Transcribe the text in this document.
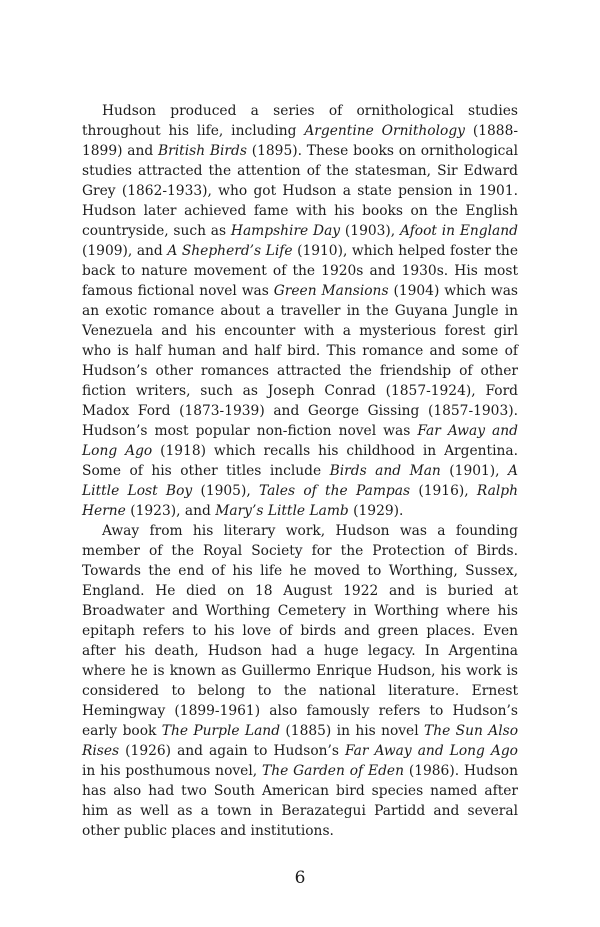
Hudson produced a series of ornithological studies throughout his life, including Argentine Ornithology (1888-1899) and British Birds (1895). These books on ornithological studies attracted the attention of the statesman, Sir Edward Grey (1862-1933), who got Hudson a state pension in 1901. Hudson later achieved fame with his books on the English countryside, such as Hampshire Day (1903), Afoot in England (1909), and A Shepherd’s Life (1910), which helped foster the back to nature movement of the 1920s and 1930s. His most famous fictional novel was Green Mansions (1904) which was an exotic romance about a traveller in the Guyana Jungle in Venezuela and his encounter with a mysterious forest girl who is half human and half bird. This romance and some of Hudson’s other romances attracted the friendship of other fiction writers, such as Joseph Conrad (1857-1924), Ford Madox Ford (1873-1939) and George Gissing (1857-1903). Hudson’s most popular non-fiction novel was Far Away and Long Ago (1918) which recalls his childhood in Argentina. Some of his other titles include Birds and Man (1901), A Little Lost Boy (1905), Tales of the Pampas (1916), Ralph Herne (1923), and Mary’s Little Lamb (1929).

Away from his literary work, Hudson was a founding member of the Royal Society for the Protection of Birds. Towards the end of his life he moved to Worthing, Sussex, England. He died on 18 August 1922 and is buried at Broadwater and Worthing Cemetery in Worthing where his epitaph refers to his love of birds and green places. Even after his death, Hudson had a huge legacy. In Argentina where he is known as Guillermo Enrique Hudson, his work is considered to belong to the national literature. Ernest Hemingway (1899-1961) also famously refers to Hudson’s early book The Purple Land (1885) in his novel The Sun Also Rises (1926) and again to Hudson’s Far Away and Long Ago in his posthumous novel, The Garden of Eden (1986). Hudson has also had two South American bird species named after him as well as a town in Berazategui Partidd and several other public places and institutions.

6
